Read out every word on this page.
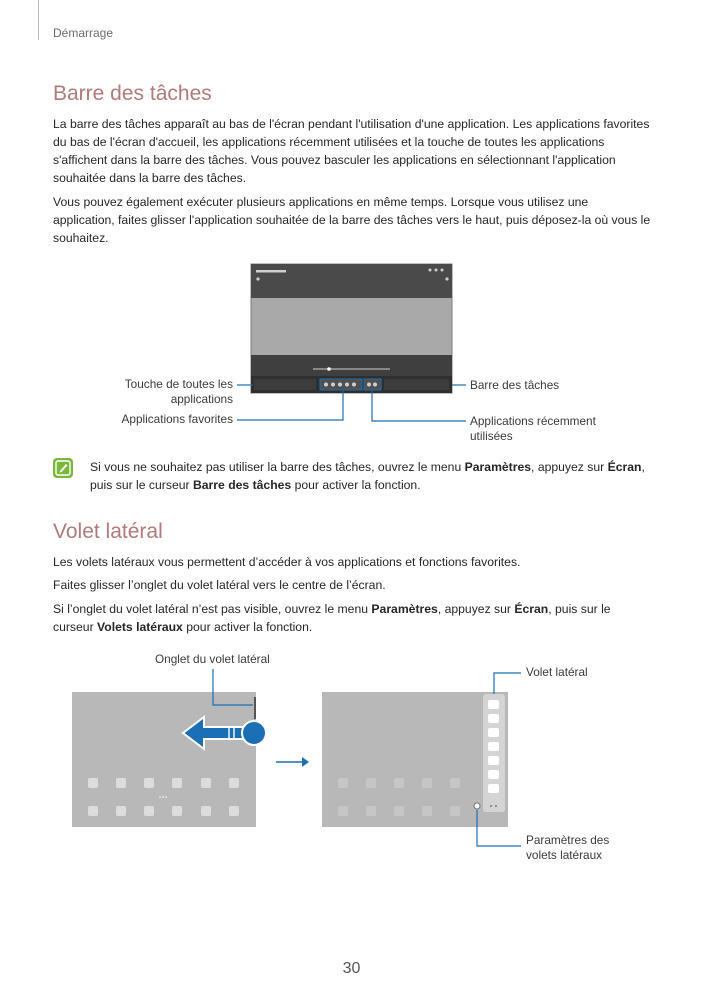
Démarrage
Barre des tâches

La barre des tâches apparaît au bas de l'écran pendant l'utilisation d'une application. Les applications favorites du bas de l'écran d'accueil, les applications récemment utilisées et la touche de toutes les applications s'affichent dans la barre des tâches. Vous pouvez basculer les applications en sélectionnant l'application souhaitée dans la barre des tâches.

Vous pouvez également exécuter plusieurs applications en même temps. Lorsque vous utilisez une application, faites glisser l'application souhaitée de la barre des tâches vers le haut, puis déposez-la où vous le souhaitez.

Touche de toutes les applications
Applications favorites
Barre des tâches
Applications récemment utilisées

Si vous ne souhaitez pas utiliser la barre des tâches, ouvrez le menu Paramètres, appuyez sur Écran, puis sur le curseur Barre des tâches pour activer la fonction.

Volet latéral

Les volets latéraux vous permettent d’accéder à vos applications et fonctions favorites.

Faites glisser l’onglet du volet latéral vers le centre de l’écran.

Si l’onglet du volet latéral n’est pas visible, ouvrez le menu Paramètres, appuyez sur Écran, puis sur le curseur Volets latéraux pour activer la fonction.

Onglet du volet latéral
Volet latéral
Paramètres des volets latéraux
30
